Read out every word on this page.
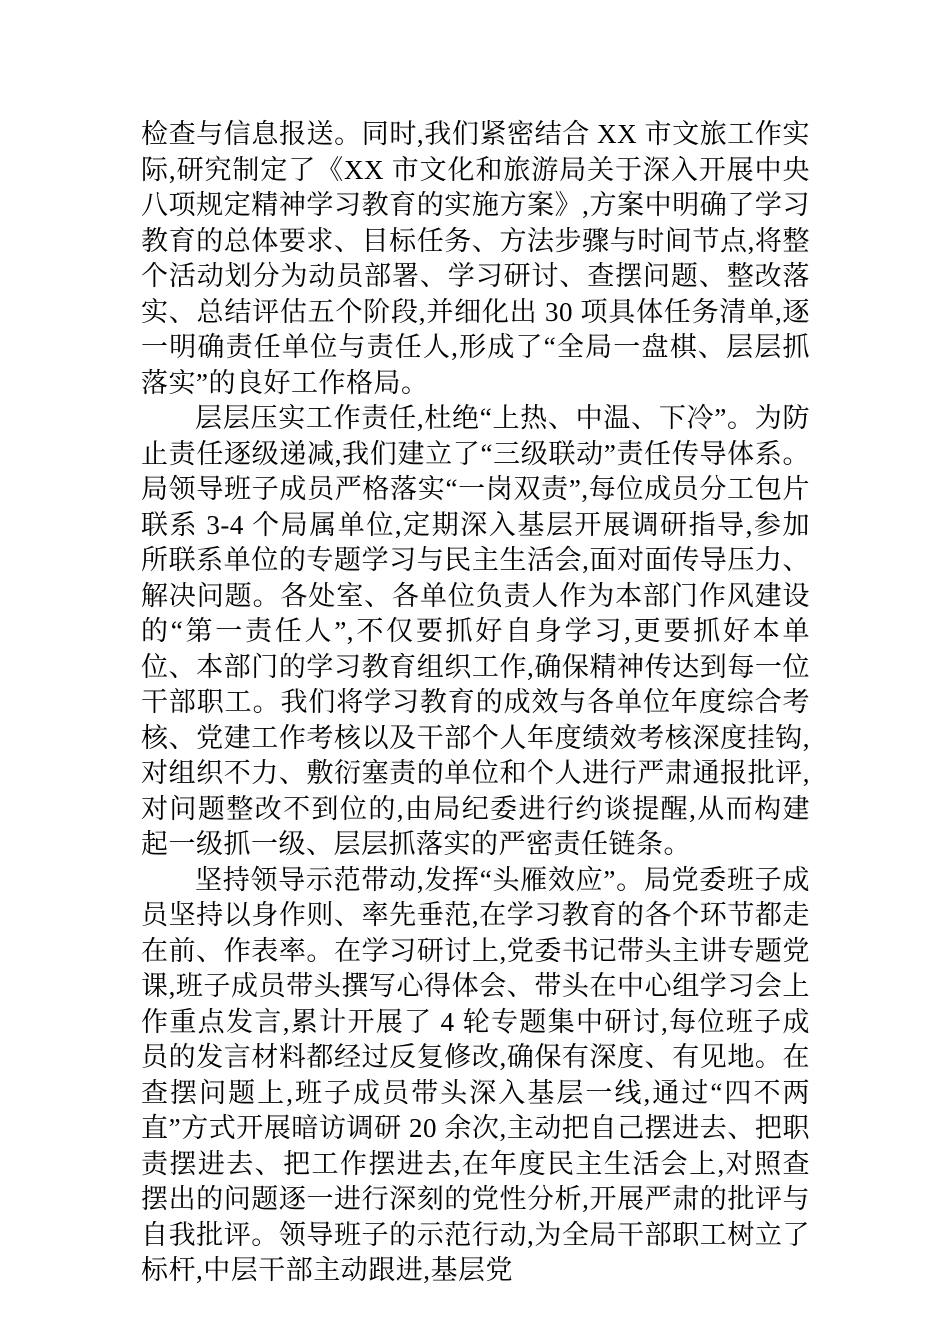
检查与信息报送。同时,我们紧密结合 XX 市文旅工作实际,研究制定了《XX 市文化和旅游局关于深入开展中央八项规定精神学习教育的实施方案》,方案中明确了学习教育的总体要求、目标任务、方法步骤与时间节点,将整个活动划分为动员部署、学习研讨、查摆问题、整改落实、总结评估五个阶段,并细化出 30 项具体任务清单,逐一明确责任单位与责任人,形成了“全局一盘棋、层层抓落实”的良好工作格局。

层层压实工作责任,杜绝“上热、中温、下冷”。为防止责任逐级递减,我们建立了“三级联动”责任传导体系。局领导班子成员严格落实“一岗双责”,每位成员分工包片联系 3-4 个局属单位,定期深入基层开展调研指导,参加所联系单位的专题学习与民主生活会,面对面传导压力、解决问题。各处室、各单位负责人作为本部门作风建设的“第一责任人”,不仅要抓好自身学习,更要抓好本单位、本部门的学习教育组织工作,确保精神传达到每一位干部职工。我们将学习教育的成效与各单位年度综合考核、党建工作考核以及干部个人年度绩效考核深度挂钩,对组织不力、敷衍塞责的单位和个人进行严肃通报批评,对问题整改不到位的,由局纪委进行约谈提醒,从而构建起一级抓一级、层层抓落实的严密责任链条。

坚持领导示范带动,发挥“头雁效应”。局党委班子成员坚持以身作则、率先垂范,在学习教育的各个环节都走在前、作表率。在学习研讨上,党委书记带头主讲专题党课,班子成员带头撰写心得体会、带头在中心组学习会上作重点发言,累计开展了 4 轮专题集中研讨,每位班子成员的发言材料都经过反复修改,确保有深度、有见地。在查摆问题上,班子成员带头深入基层一线,通过“四不两直”方式开展暗访调研 20 余次,主动把自己摆进去、把职责摆进去、把工作摆进去,在年度民主生活会上,对照查摆出的问题逐一进行深刻的党性分析,开展严肃的批评与自我批评。领导班子的示范行动,为全局干部职工树立了标杆,中层干部主动跟进,基层党
